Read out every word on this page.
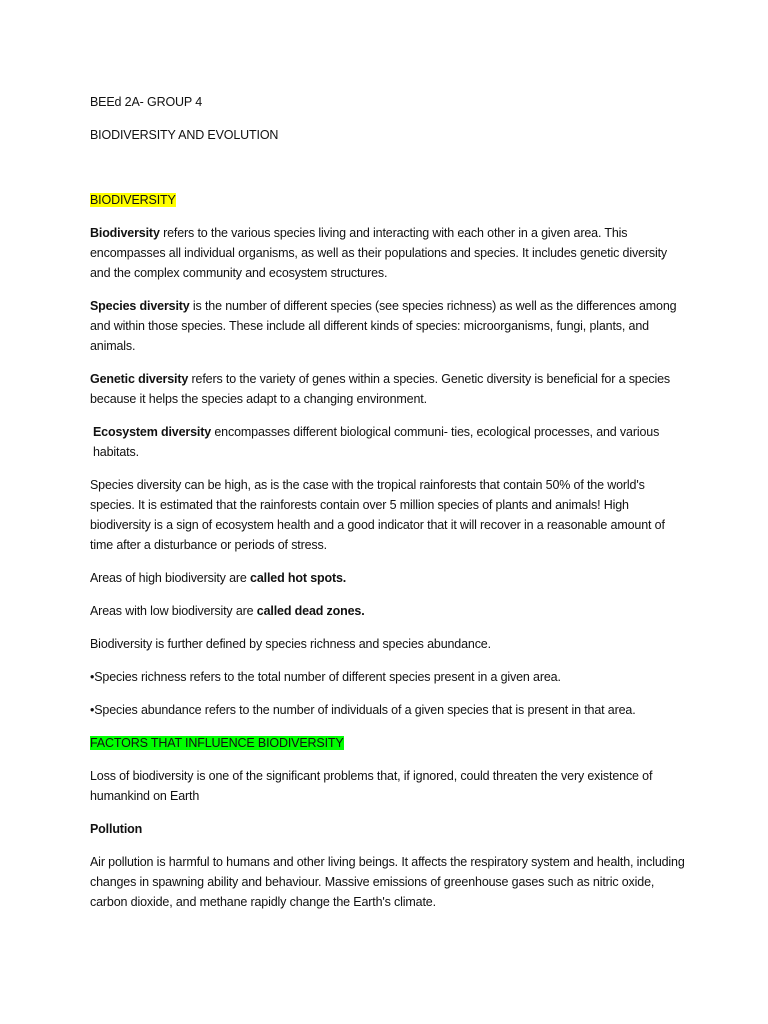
BEEd 2A- GROUP 4

BIODIVERSITY AND EVOLUTION

BIODIVERSITY

Biodiversity refers to the various species living and interacting with each other in a given area. This encompasses all individual organisms, as well as their populations and species. It includes genetic diversity and the complex community and ecosystem structures.

Species diversity is the number of different species (see species richness) as well as the differences among and within those species. These include all different kinds of species: microorganisms, fungi, plants, and animals.

Genetic diversity refers to the variety of genes within a species. Genetic diversity is beneficial for a species because it helps the species adapt to a changing environment.

Ecosystem diversity encompasses different biological communi- ties, ecological processes, and various habitats.

Species diversity can be high, as is the case with the tropical rainforests that contain 50% of the world's species. It is estimated that the rainforests contain over 5 million species of plants and animals! High biodiversity is a sign of ecosystem health and a good indicator that it will recover in a reasonable amount of time after a disturbance or periods of stress.

Areas of high biodiversity are called hot spots.

Areas with low biodiversity are called dead zones.

Biodiversity is further defined by species richness and species abundance.

•Species richness refers to the total number of different species present in a given area.

•Species abundance refers to the number of individuals of a given species that is present in that area.

FACTORS THAT INFLUENCE BIODIVERSITY

Loss of biodiversity is one of the significant problems that, if ignored, could threaten the very existence of humankind on Earth

Pollution

Air pollution is harmful to humans and other living beings. It affects the respiratory system and health, including changes in spawning ability and behaviour. Massive emissions of greenhouse gases such as nitric oxide, carbon dioxide, and methane rapidly change the Earth's climate.
